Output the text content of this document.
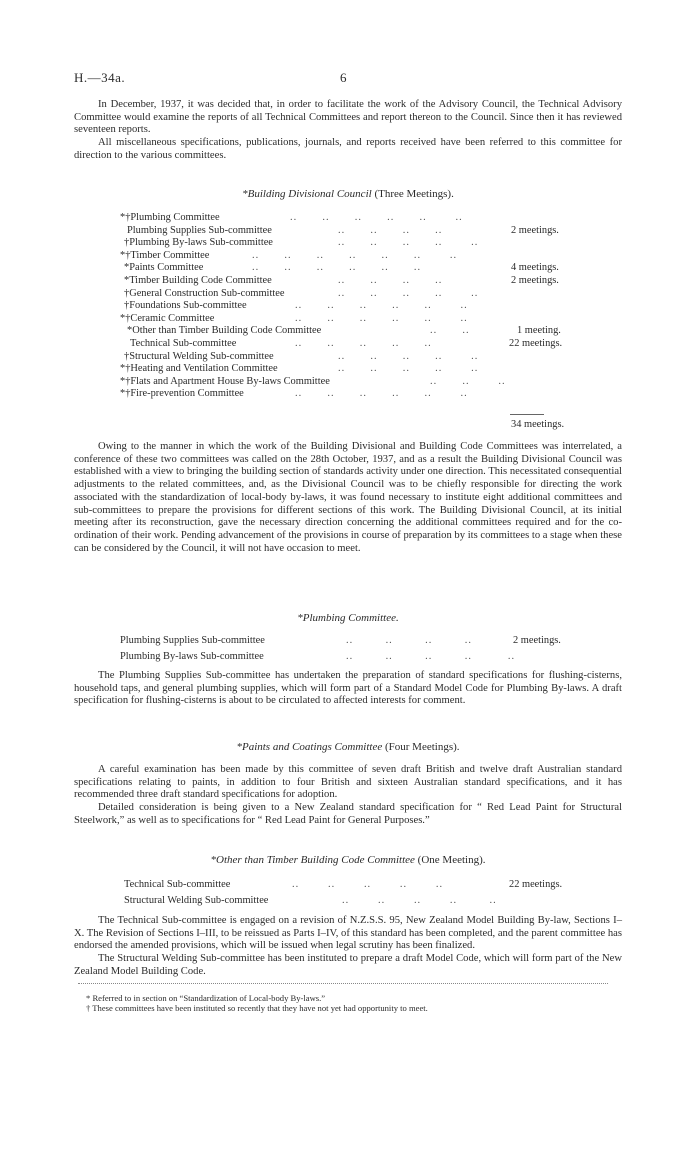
H.—34a.	6

In December, 1937, it was decided that, in order to facilitate the work of the Advisory Council, the Technical Advisory Committee would examine the reports of all Technical Committees and report thereon to the Council. Since then it has reviewed seventeen reports.

All miscellaneous specifications, publications, journals, and reports received have been referred to this committee for direction to the various committees.

*Building Divisional Council (Three Meetings).
*†Plumbing Committee	..       ..       ..       ..       ..        ..
Plumbing Supplies Sub-committee	..       ..       ..       ..	2 meetings.
†Plumbing By-laws Sub-committee	..       ..       ..       ..        ..
*†Timber Committee	..       ..       ..       ..       ..       ..        ..
*Paints Committee	..       ..       ..       ..       ..       ..	4 meetings.
*Timber Building Code Committee	..       ..       ..       ..	2 meetings.
†General Construction Sub-committee	..       ..       ..       ..        ..
†Foundations Sub-committee	..       ..       ..       ..       ..        ..
*†Ceramic Committee	..       ..       ..       ..       ..        ..
*Other than Timber Building Code Committee	..       ..	1 meeting.
Technical Sub-committee	..       ..       ..       ..       ..	22 meetings.
†Structural Welding Sub-committee	..       ..       ..       ..        ..
*†Heating and Ventilation Committee	..       ..       ..       ..        ..
*†Flats and Apartment House By-laws Committee	..       ..        ..
*†Fire-prevention Committee	..       ..       ..       ..       ..        ..
34 meetings.

Owing to the manner in which the work of the Building Divisional and Building Code Committees was interrelated, a conference of these two committees was called on the 28th October, 1937, and as a result the Building Divisional Council was established with a view to bringing the building section of standards activity under one direction. This necessitated consequential adjustments to the related committees, and, as the Divisional Council was to be chiefly responsible for directing the work associated with the standardization of local-body by-laws, it was found necessary to institute eight additional committees and sub-committees to prepare the provisions for different sections of this work. The Building Divisional Council, at its initial meeting after its reconstruction, gave the necessary direction concerning the additional committees required and for the co-ordination of their work. Pending advancement of the provisions in course of preparation by its committees to a stage when these can be considered by the Council, it will not have occasion to meet.

*Plumbing Committee.
Plumbing Supplies Sub-committee	..         ..         ..         ..	2 meetings.
Plumbing By-laws Sub-committee	..         ..         ..         ..          ..

The Plumbing Supplies Sub-committee has undertaken the preparation of standard specifications for flushing-cisterns, household taps, and general plumbing supplies, which will form part of a Standard Model Code for Plumbing By-laws. A draft specification for flushing-cisterns is about to be circulated to affected interests for comment.

*Paints and Coatings Committee (Four Meetings).

A careful examination has been made by this committee of seven draft British and twelve draft Australian standard specifications relating to paints, in addition to four British and sixteen Australian standard specifications, and it has recommended three draft standard specifications for adoption.

Detailed consideration is being given to a New Zealand standard specification for “ Red Lead Paint for Structural Steelwork,” as well as to specifications for “ Red Lead Paint for General Purposes.”

*Other than Timber Building Code Committee (One Meeting).
Technical Sub-committee	..        ..        ..        ..        ..	22 meetings.
Structural Welding Sub-committee	..        ..        ..        ..         ..

The Technical Sub-committee is engaged on a revision of N.Z.S.S. 95, New Zealand Model Building By-law, Sections I–X. The Revision of Sections I–III, to be reissued as Parts I–IV, of this standard has been completed, and the parent committee has endorsed the amended provisions, which will be issued when legal scrutiny has been finalized.

The Structural Welding Sub-committee has been instituted to prepare a draft Model Code, which will form part of the New Zealand Model Building Code.

* Referred to in section on “Standardization of Local-body By-laws.”
† These committees have been instituted so recently that they have not yet had opportunity to meet.
